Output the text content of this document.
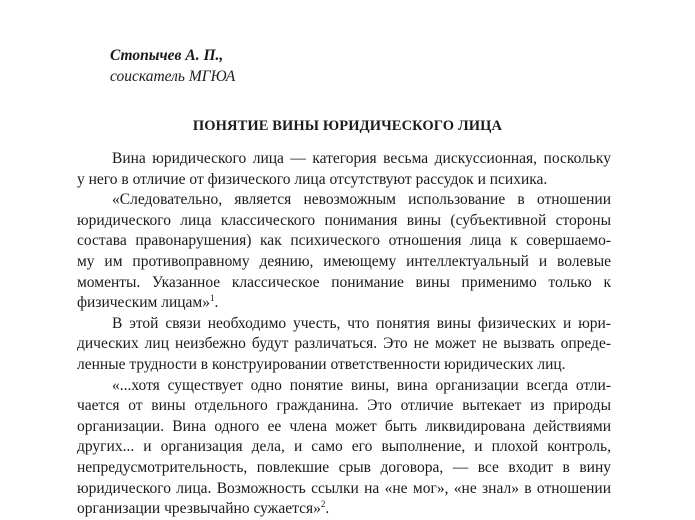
Стопычев А. П.,
соискатель МГЮА
ПОНЯТИЕ ВИНЫ ЮРИДИЧЕСКОГО ЛИЦА
Вина юридического лица — категория весьма дискуссионная, поскольку
у него в отличие от физического лица отсутствуют рассудок и психика.
«Следовательно, является невозможным использование в отношении
юридического лица классического понимания вины (субъективной стороны
состава правонарушения) как психического отношения лица к совершаемо-
му им противоправному деянию, имеющему интеллектуальный и волевые
моменты. Указанное классическое понимание вины применимо только к
физическим лицам»$^1$.
В этой связи необходимо учесть, что понятия вины физических и юри-
дических лиц неизбежно будут различаться. Это не может не вызвать опреде-
ленные трудности в конструировании ответственности юридических лиц.
«...хотя существует одно понятие вины, вина организации всегда отли-
чается от вины отдельного гражданина. Это отличие вытекает из природы
организации. Вина одного ее члена может быть ликвидирована действиями
других... и организация дела, и само его выполнение, и плохой контроль,
непредусмотрительность, повлекшие срыв договора, — все входит в вину
юридического лица. Возможность ссылки на «не мог», «не знал» в отношении
организации чрезвычайно сужается»$^2$.
